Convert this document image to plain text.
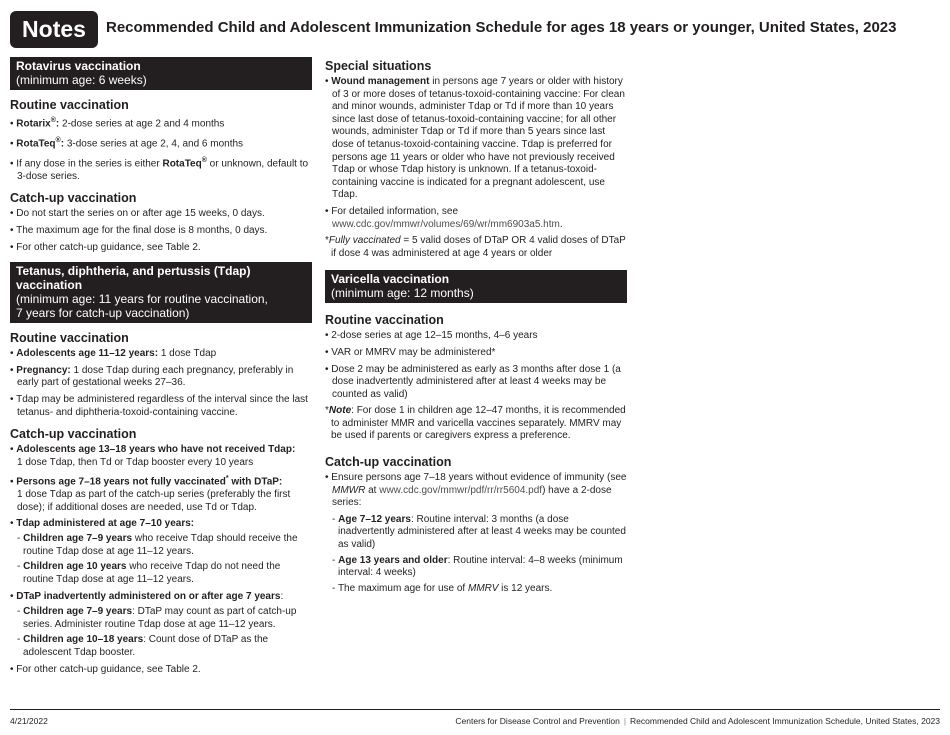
Notes	Recommended Child and Adolescent Immunization Schedule for ages 18 years or younger, United States, 2023
Rotavirus vaccination
(minimum age: 6 weeks)
Routine vaccination

• Rotarix®: 2-dose series at age 2 and 4 months

• RotaTeq®: 3-dose series at age 2, 4, and 6 months

• If any dose in the series is either RotaTeq® or unknown, default to 3-dose series.

Catch-up vaccination

• Do not start the series on or after age 15 weeks, 0 days.

• The maximum age for the final dose is 8 months, 0 days.

• For other catch-up guidance, see Table 2.

Tetanus, diphtheria, and pertussis (Tdap) vaccination
(minimum age: 11 years for routine vaccination,
7 years for catch-up vaccination)
Routine vaccination

• Adolescents age 11–12 years: 1 dose Tdap

• Pregnancy: 1 dose Tdap during each pregnancy, preferably in early part of gestational weeks 27–36.

• Tdap may be administered regardless of the interval since the last tetanus- and diphtheria-toxoid-containing vaccine.

Catch-up vaccination

• Adolescents age 13–18 years who have not received Tdap:
1 dose Tdap, then Td or Tdap booster every 10 years

• Persons age 7–18 years not fully vaccinated* with DTaP:
1 dose Tdap as part of the catch-up series (preferably the first dose); if additional doses are needed, use Td or Tdap.

• Tdap administered at age 7–10 years:

- Children age 7–9 years who receive Tdap should receive the routine Tdap dose at age 11–12 years.

- Children age 10 years who receive Tdap do not need the routine Tdap dose at age 11–12 years.

• DTaP inadvertently administered on or after age 7 years:

- Children age 7–9 years: DTaP may count as part of catch-up series. Administer routine Tdap dose at age 11–12 years.

- Children age 10–18 years: Count dose of DTaP as the adolescent Tdap booster.

• For other catch-up guidance, see Table 2.

Special situations

• Wound management in persons age 7 years or older with history of 3 or more doses of tetanus-toxoid-containing vaccine: For clean and minor wounds, administer Tdap or Td if more than 10 years since last dose of tetanus-toxoid-containing vaccine; for all other wounds, administer Tdap or Td if more than 5 years since last dose of tetanus-toxoid-containing vaccine. Tdap is preferred for persons age 11 years or older who have not previously received Tdap or whose Tdap history is unknown. If a tetanus-toxoid-containing vaccine is indicated for a pregnant adolescent, use Tdap.

• For detailed information, see www.cdc.gov/mmwr/volumes/69/wr/mm6903a5.htm.

*Fully vaccinated = 5 valid doses of DTaP OR 4 valid doses of DTaP if dose 4 was administered at age 4 years or older

Varicella vaccination
(minimum age: 12 months)
Routine vaccination

• 2-dose series at age 12–15 months, 4–6 years

• VAR or MMRV may be administered*

• Dose 2 may be administered as early as 3 months after dose 1 (a dose inadvertently administered after at least 4 weeks may be counted as valid)

*Note: For dose 1 in children age 12–47 months, it is recommended to administer MMR and varicella vaccines separately. MMRV may be used if parents or caregivers express a preference.

Catch-up vaccination

• Ensure persons age 7–18 years without evidence of immunity (see MMWR at www.cdc.gov/mmwr/pdf/rr/rr5604.pdf) have a 2-dose series:

- Age 7–12 years: Routine interval: 3 months (a dose inadvertently administered after at least 4 weeks may be counted as valid)

- Age 13 years and older: Routine interval: 4–8 weeks (minimum interval: 4 weeks)

- The maximum age for use of MMRV is 12 years.

4/21/2022	Centers for Disease Control and Prevention | Recommended Child and Adolescent Immunization Schedule, United States, 2023
